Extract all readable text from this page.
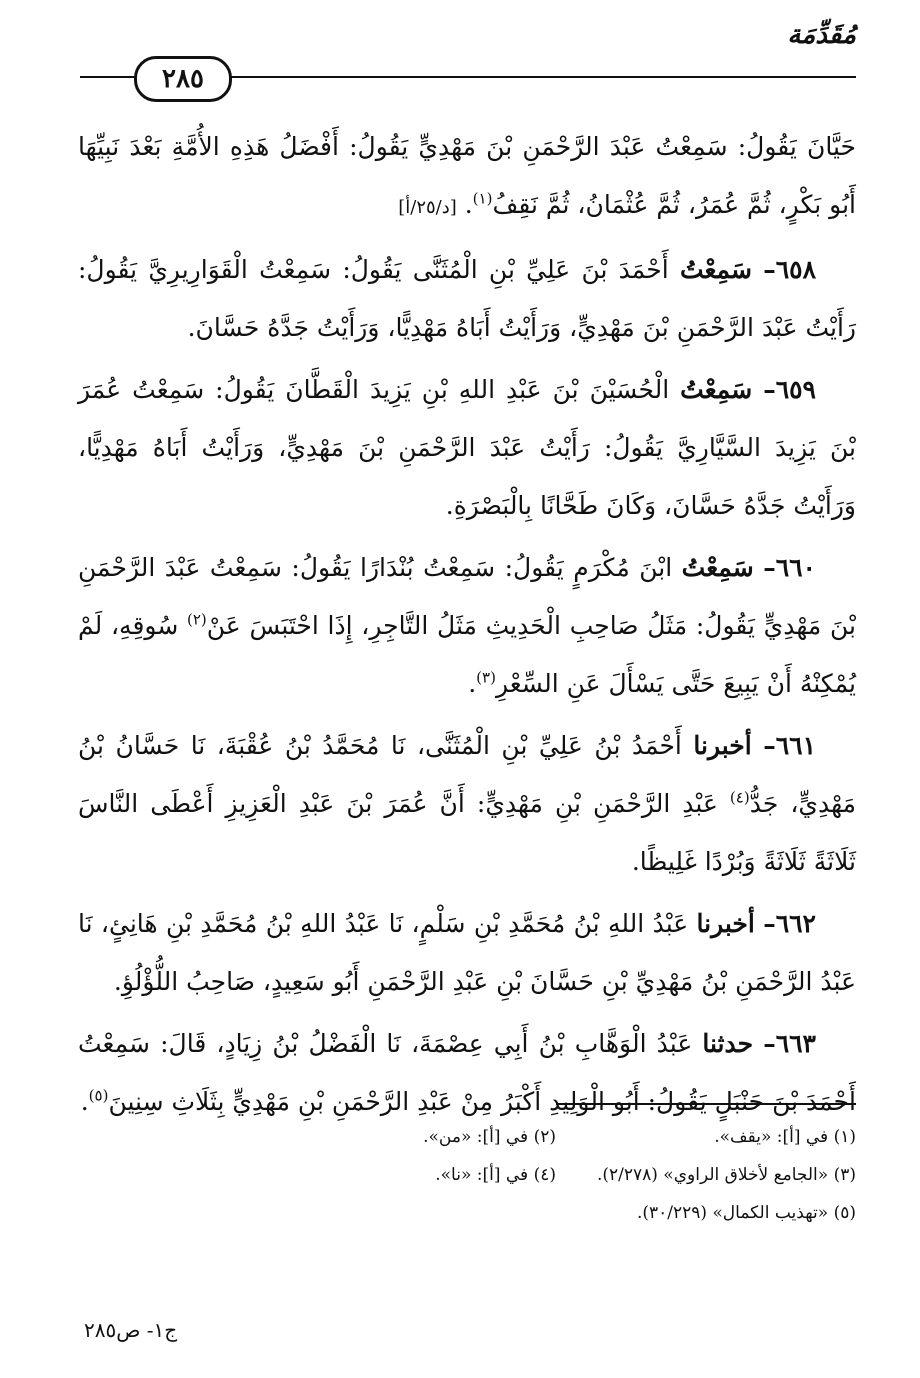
مُقَدِّمَة
٢٨٥

حَيَّانَ يَقُولُ: سَمِعْتُ عَبْدَ الرَّحْمَنِ بْنَ مَهْدِيٍّ يَقُولُ: أَفْضَلُ هَذِهِ الأُمَّةِ بَعْدَ نَبِيِّهَا أَبُو بَكْرٍ، ثُمَّ عُمَرُ، ثُمَّ عُثْمَانُ، ثُمَّ نَقِفُ$^{(١)}$. [د/٢٥/أ]

٦٥٨– سَمِعْتُ أَحْمَدَ بْنَ عَلِيِّ بْنِ الْمُثَنَّى يَقُولُ: سَمِعْتُ الْقَوَارِيرِيَّ يَقُولُ: رَأَيْتُ عَبْدَ الرَّحْمَنِ بْنَ مَهْدِيٍّ، وَرَأَيْتُ أَبَاهُ مَهْدِيًّا، وَرَأَيْتُ جَدَّهُ حَسَّانَ.

٦٥٩– سَمِعْتُ الْحُسَيْنَ بْنَ عَبْدِ اللهِ بْنِ يَزِيدَ الْقَطَّانَ يَقُولُ: سَمِعْتُ عُمَرَ بْنَ يَزِيدَ السَّيَّارِيَّ يَقُولُ: رَأَيْتُ عَبْدَ الرَّحْمَنِ بْنَ مَهْدِيٍّ، وَرَأَيْتُ أَبَاهُ مَهْدِيًّا، وَرَأَيْتُ جَدَّهُ حَسَّانَ، وَكَانَ طَحَّانًا بِالْبَصْرَةِ.

٦٦٠– سَمِعْتُ ابْنَ مُكْرَمٍ يَقُولُ: سَمِعْتُ بُنْدَارًا يَقُولُ: سَمِعْتُ عَبْدَ الرَّحْمَنِ بْنَ مَهْدِيٍّ يَقُولُ: مَثَلُ صَاحِبِ الْحَدِيثِ مَثَلُ التَّاجِرِ، إِذَا احْتَبَسَ عَنْ$^{(٢)}$ سُوقِهِ، لَمْ يُمْكِنْهُ أَنْ يَبِيعَ حَتَّى يَسْأَلَ عَنِ السِّعْرِ$^{(٣)}$.

٦٦١– أخبرنا أَحْمَدُ بْنُ عَلِيِّ بْنِ الْمُثَنَّى، نَا مُحَمَّدُ بْنُ عُقْبَةَ، نَا حَسَّانُ بْنُ مَهْدِيٍّ، جَدُّ$^{(٤)}$ عَبْدِ الرَّحْمَنِ بْنِ مَهْدِيٍّ: أَنَّ عُمَرَ بْنَ عَبْدِ الْعَزِيزِ أَعْطَى النَّاسَ ثَلَاثَةً ثَلَاثَةً وَبُرْدًا غَلِيظًا.

٦٦٢– أخبرنا عَبْدُ اللهِ بْنُ مُحَمَّدِ بْنِ سَلْمٍ، نَا عَبْدُ اللهِ بْنُ مُحَمَّدِ بْنِ هَانِئٍ، نَا عَبْدُ الرَّحْمَنِ بْنُ مَهْدِيِّ بْنِ حَسَّانَ بْنِ عَبْدِ الرَّحْمَنِ أَبُو سَعِيدٍ، صَاحِبُ اللُّؤْلُؤِ.

٦٦٣– حدثنا عَبْدُ الْوَهَّابِ بْنُ أَبِي عِصْمَةَ، نَا الْفَضْلُ بْنُ زِيَادٍ، قَالَ: سَمِعْتُ أَحْمَدَ بْنَ حَنْبَلٍ يَقُولُ: أَبُو الْوَلِيدِ أَكْبَرُ مِنْ عَبْدِ الرَّحْمَنِ بْنِ مَهْدِيٍّ بِثَلَاثِ سِنِينَ$^{(٥)}$.

(١) في [أ]: «يقف».
(٢) في [أ]: «من».
(٣) «الجامع لأخلاق الراوي» (٢/٢٧٨).
(٤) في [أ]: «نا».
(٥) «تهذيب الكمال» (٣٠/٢٢٩).
ج١- ص٢٨٥
